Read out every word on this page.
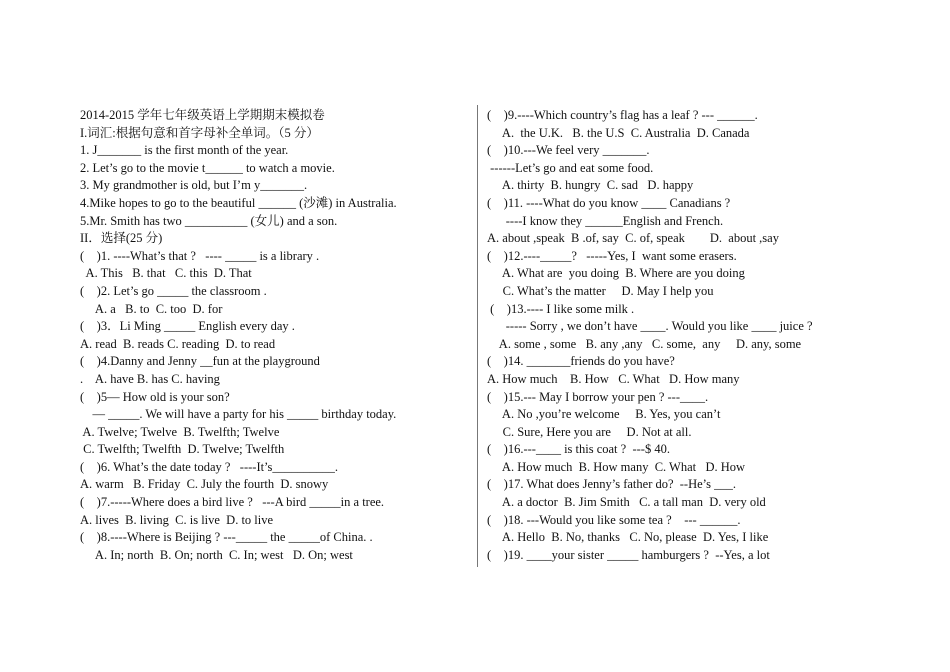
2014-2015 学年七年级英语上学期期末模拟卷
I.词汇:根据句意和首字母补全单词。（5 分）
1. J_______ is the first month of the year.
2. Let’s go to the movie t______ to watch a movie.
3. My grandmother is old, but I’m y_______.
4.Mike hopes to go to the beautiful ______ (沙滩) in Australia.
5.Mr. Smith has two __________ (女儿) and a son.
II．选择(25 分)
(    )1. ----What’s that ?   ---- _____ is a library .
A. This   B. that   C. this  D. That
(    )2. Let’s go _____ the classroom .
A. a   B. to  C. too  D. for
(    )3．Li Ming _____ English every day .
A. read  B. reads C. reading  D. to read
(    )4.Danny and Jenny __fun at the playground
.    A. have B. has C. having
(    )5— How old is your son?
— _____. We will have a party for his _____ birthday today.
A. Twelve; Twelve  B. Twelfth; Twelve
C. Twelfth; Twelfth  D. Twelve; Twelfth
(    )6. What’s the date today ?   ----It’s__________.
A. warm   B. Friday  C. July the fourth  D. snowy
(    )7.-----Where does a bird live ?   ---A bird _____in a tree.
A. lives  B. living  C. is live  D. to live
(    )8.----Where is Beijing ? ---_____ the _____of China. .
A. In; north  B. On; north  C. In; west   D. On; west
(    )9.----Which country’s flag has a leaf ? --- ______.
A.  the U.K.   B. the U.S  C. Australia  D. Canada
(    )10.---We feel very _______.
------Let’s go and eat some food.
A. thirty  B. hungry  C. sad   D. happy
(    )11. ----What do you know ____ Canadians ?
----I know they ______English and French.
A. about ,speak  B .of, say  C. of, speak        D.  about ,say
(    )12.----_____?   -----Yes, I  want some erasers.
A. What are  you doing  B. Where are you doing
C. What’s the matter     D. May I help you
(    )13.---- I like some milk .
----- Sorry , we don’t have ____. Would you like ____ juice ?
A. some , some   B. any ,any   C. some,  any     D. any, some
(    )14. _______friends do you have?
A. How much    B. How   C. What   D. How many
(    )15.--- May I borrow your pen ? ---____.
A. No ,you’re welcome     B. Yes, you can’t
C. Sure, Here you are     D. Not at all.
(    )16.---____ is this coat ?  ---$ 40.
A. How much  B. How many  C. What   D. How
(    )17. What does Jenny’s father do?  --He’s ___.
A. a doctor  B. Jim Smith   C. a tall man  D. very old
(    )18. ---Would you like some tea ?    --- ______.
A. Hello  B. No, thanks   C. No, please  D. Yes, I like
(    )19. ____your sister _____ hamburgers ?  --Yes, a lot
